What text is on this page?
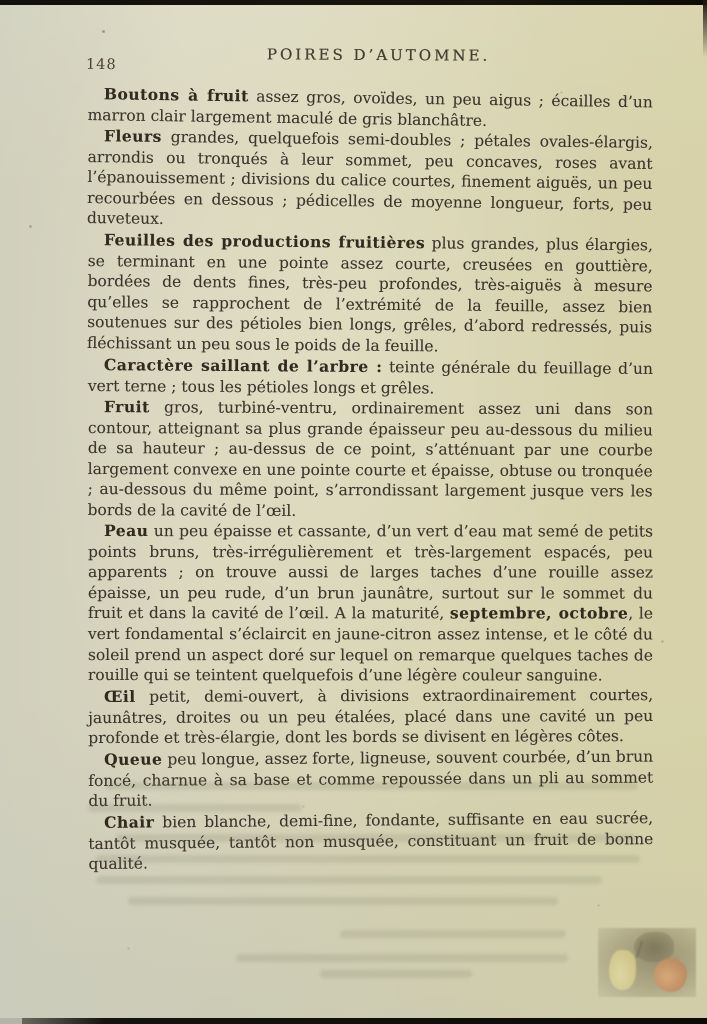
148
POIRES D’AUTOMNE.

Boutons à fruit assez gros, ovoïdes, un peu aigus ; écailles d’un marron clair largement maculé de gris blanchâtre.

Fleurs grandes, quelquefois semi-doubles ; pétales ovales-élargis, arrondis ou tronqués à leur sommet, peu concaves, roses avant l’épanouissement ; divisions du calice courtes, finement aiguës, un peu recourbées en dessous ; pédicelles de moyenne longueur, forts, peu duveteux.

Feuilles des productions fruitières plus grandes, plus élargies, se terminant en une pointe assez courte, creusées en gouttière, bordées de dents fines, très-peu profondes, très-aiguës à mesure qu’elles se rapprochent de l’extrémité de la feuille, assez bien soutenues sur des pétioles bien longs, grêles, d’abord redressés, puis fléchissant un peu sous le poids de la feuille.

Caractère saillant de l’arbre : teinte générale du feuillage d’un vert terne ; tous les pétioles longs et grêles.

Fruit gros, turbiné-ventru, ordinairement assez uni dans son contour, atteignant sa plus grande épaisseur peu au-dessous du milieu de sa hauteur ; au-dessus de ce point, s’atténuant par une courbe largement convexe en une pointe courte et épaisse, obtuse ou tronquée ; au-dessous du même point, s’arrondissant largement jusque vers les bords de la cavité de l’œil.

Peau un peu épaisse et cassante, d’un vert d’eau mat semé de petits points bruns, très-irrégulièrement et très-largement espacés, peu apparents ; on trouve aussi de larges taches d’une rouille assez épaisse, un peu rude, d’un brun jaunâtre, surtout sur le sommet du fruit et dans la cavité de l’œil. A la maturité, septembre, octobre, le vert fondamental s’éclaircit en jaune-citron assez intense, et le côté du soleil prend un aspect doré sur lequel on remarque quelques taches de rouille qui se teintent quelquefois d’une légère couleur sanguine.

Œil petit, demi-ouvert, à divisions extraordinairement courtes, jaunâtres, droites ou un peu étalées, placé dans une cavité un peu profonde et très-élargie, dont les bords se divisent en légères côtes.

Queue peu longue, assez forte, ligneuse, souvent courbée, d’un brun foncé, charnue à sa base et comme repoussée dans un pli au sommet du fruit.

Chair bien blanche, demi-fine, fondante, suffisante en eau sucrée, tantôt musquée, tantôt non musquée, constituant un fruit de bonne qualité.
